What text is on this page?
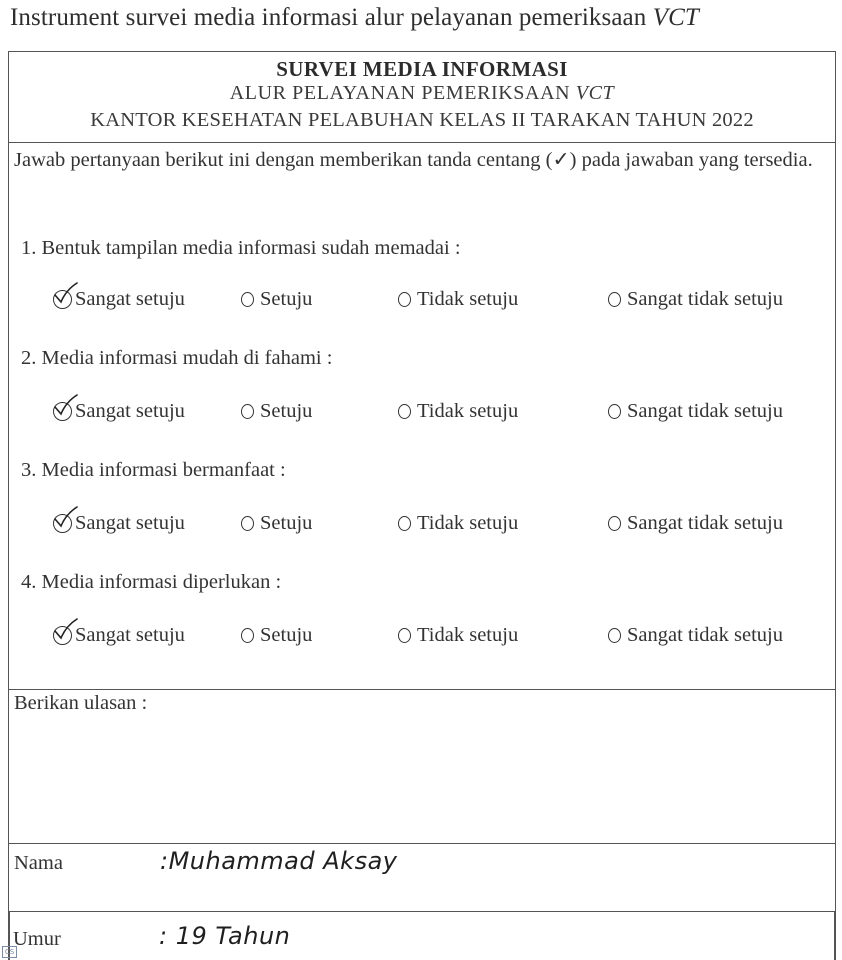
Instrument survei media informasi alur pelayanan pemeriksaan VCT
SURVEI MEDIA INFORMASI
ALUR PELAYANAN PEMERIKSAAN VCT
KANTOR KESEHATAN PELABUHAN KELAS II TARAKAN TAHUN 2022
Jawab pertanyaan berikut ini dengan memberikan tanda centang (✓) pada jawaban yang tersedia.
1. Bentuk tampilan media informasi sudah memadai :
Sangat setuju	Setuju	Tidak setuju	Sangat tidak setuju
2. Media informasi mudah di fahami :
Sangat setuju	Setuju	Tidak setuju	Sangat tidak setuju
3. Media informasi bermanfaat :
Sangat setuju	Setuju	Tidak setuju	Sangat tidak setuju
4. Media informasi diperlukan :
Sangat setuju	Setuju	Tidak setuju	Sangat tidak setuju
Berikan ulasan :
Nama	:Muhammad Aksay
Umur	: 19 Tahun
CS
